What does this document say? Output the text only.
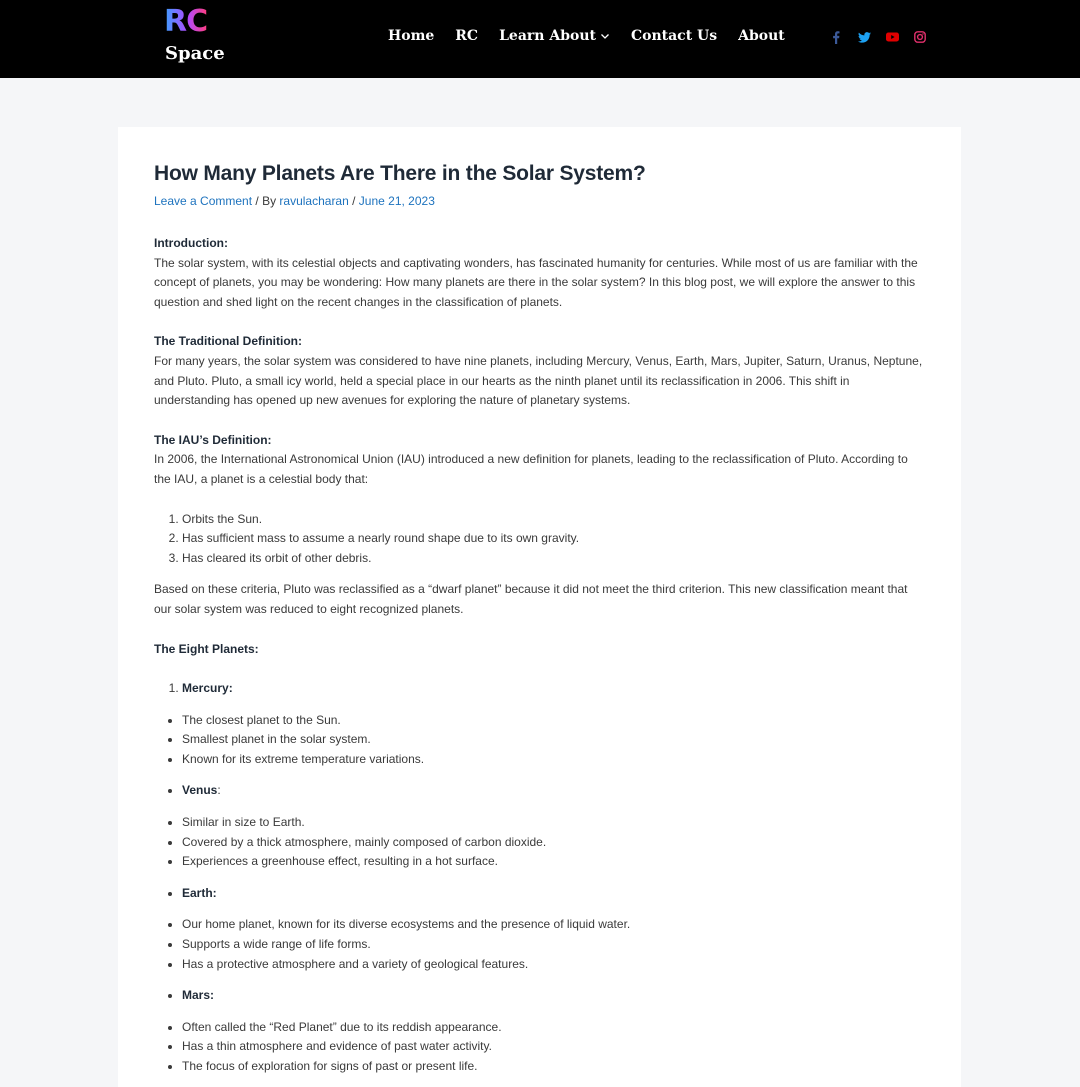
RC
Space
Home RC Learn About	Contact Us About
How Many Planets Are There in the Solar System?
Leave a Comment / By ravulacharan / June 21, 2023

Introduction:

The solar system, with its celestial objects and captivating wonders, has fascinated humanity for centuries. While most of us are familiar with the concept of planets, you may be wondering: How many planets are there in the solar system? In this blog post, we will explore the answer to this question and shed light on the recent changes in the classification of planets.

The Traditional Definition:

For many years, the solar system was considered to have nine planets, including Mercury, Venus, Earth, Mars, Jupiter, Saturn, Uranus, Neptune, and Pluto. Pluto, a small icy world, held a special place in our hearts as the ninth planet until its reclassification in 2006. This shift in understanding has opened up new avenues for exploring the nature of planetary systems.

The IAU’s Definition:

In 2006, the International Astronomical Union (IAU) introduced a new definition for planets, leading to the reclassification of Pluto. According to the IAU, a planet is a celestial body that:

1. Orbits the Sun.
2. Has sufficient mass to assume a nearly round shape due to its own gravity.
3. Has cleared its orbit of other debris.

Based on these criteria, Pluto was reclassified as a “dwarf planet” because it did not meet the third criterion. This new classification meant that our solar system was reduced to eight recognized planets.

The Eight Planets:

1. Mercury:
• The closest planet to the Sun.
• Smallest planet in the solar system.
• Known for its extreme temperature variations.
• Venus:
• Similar in size to Earth.
• Covered by a thick atmosphere, mainly composed of carbon dioxide.
• Experiences a greenhouse effect, resulting in a hot surface.
• Earth:
• Our home planet, known for its diverse ecosystems and the presence of liquid water.
• Supports a wide range of life forms.
• Has a protective atmosphere and a variety of geological features.
• Mars:
• Often called the “Red Planet” due to its reddish appearance.
• Has a thin atmosphere and evidence of past water activity.
• The focus of exploration for signs of past or present life.
